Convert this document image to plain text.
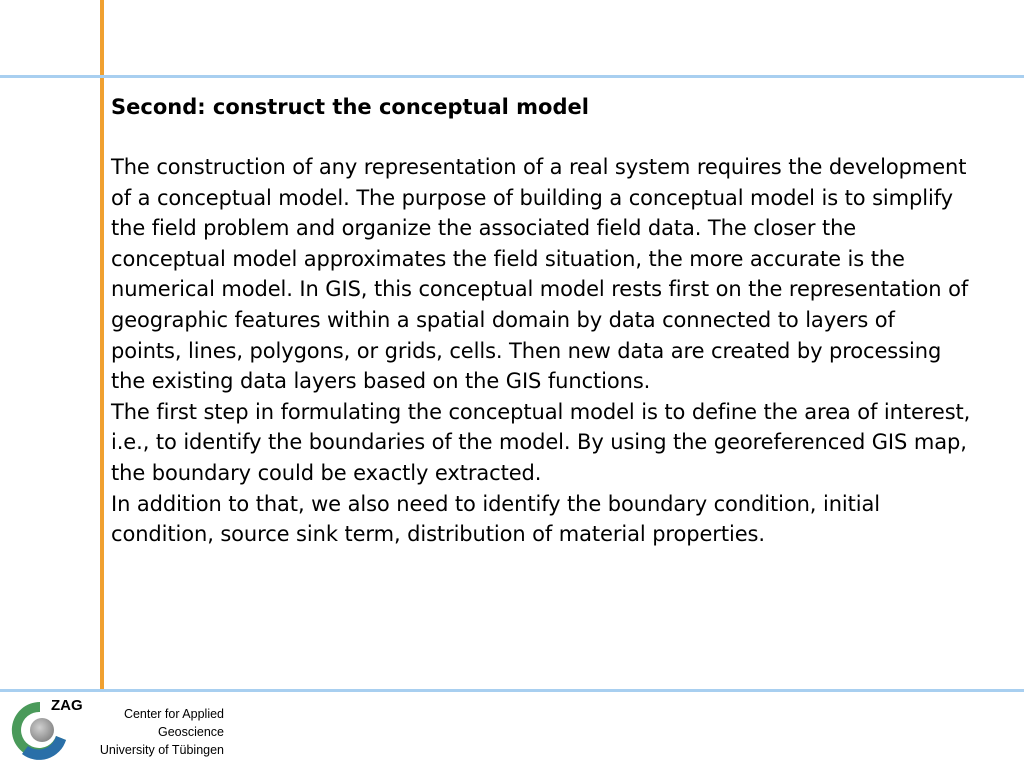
Second: construct the conceptual model

The construction of any representation of a real system requires the development of a conceptual model. The purpose of building a conceptual model is to simplify the field problem and organize the associated field data. The closer the conceptual model approximates the field situation, the more accurate is the numerical model. In GIS, this conceptual model rests first on the representation of geographic features within a spatial domain by data connected to layers of points, lines, polygons, or grids, cells. Then new data are created by processing the existing data layers based on the GIS functions.

The first step in formulating the conceptual model is to define the area of interest, i.e., to identify the boundaries of the model. By using the georeferenced GIS map, the boundary could be exactly extracted.

In addition to that, we also need to identify the boundary condition, initial condition, source sink term, distribution of material properties.

ZAG	Center for Applied
Geoscience
University of Tübingen
